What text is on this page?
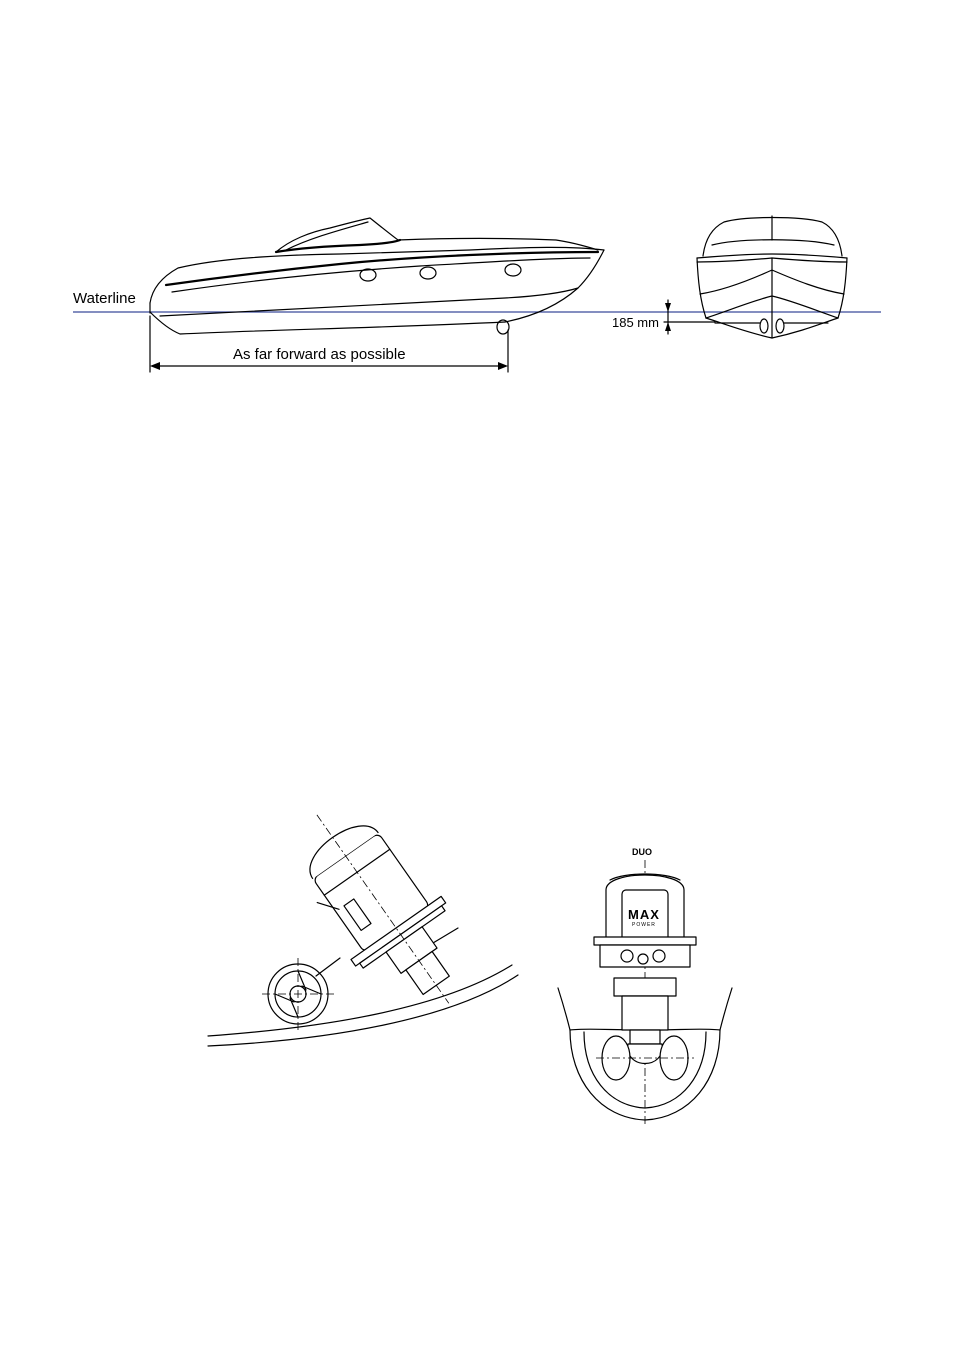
Waterline
As far forward as possible
185 mm
DUO
MAX
POWER
